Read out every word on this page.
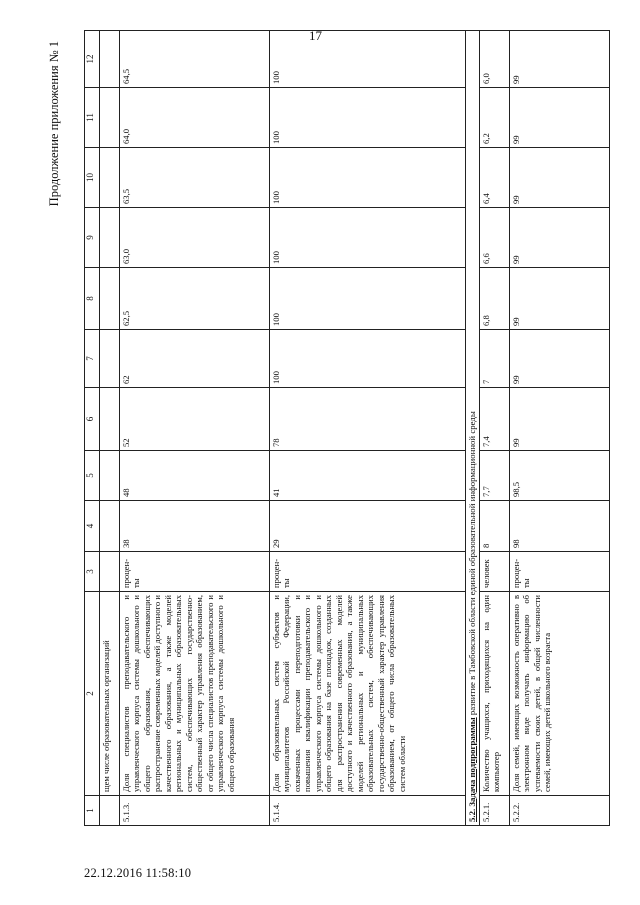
17
Продолжение приложения № 1
1	2	3	4	5	6	7	8	9	10	11	12
	щем числе образовательных организаций										
5.1.3.	Доля специалистов преподавательского и управленческого корпуса системы дошкольного и общего образования, обеспечивающих распространение современных моделей доступного и качественного образования, а также моделей региональных и муниципальных образовательных систем, обеспечивающих государственно-общественный характер управления образованием, от общего числа специалистов преподавательского и управленческого корпуса системы дошкольного и общего образования	процен-ты	38	48	52	62	62,5	63,0	63,5	64,0	64,5
5.1.4.	Доля образовательных систем субъектов и муниципалитетов Российской Федерации, охваченных процессами переподготовки и повышения квалификации преподавательского и управленческого корпуса системы дошкольного и общего образования на базе площадок, созданных для распространения современных моделей доступного и качественного образования, а также моделей региональных и муниципальных образовательных систем, обеспечивающих государственно-общественный характер управления образованием, от общего числа образовательных систем области	процен-ты	29	41	78	100	100	100	100	100	100
5.2. Задача подпрограммы развитие в Тамбовской области единой образовательной информационной среды											
5.2.1.	Количество учащихся, приходящихся на один компьютер	человек	8	7,7	7,4	7	6,8	6,6	6,4	6,2	6,0
5.2.2.	Доля семей, имеющих возможность оперативно в электронном виде получать информацию об успеваемости своих детей, в общей численности семей, имеющих детей школьного возраста	процен-ты	98	98,5	99	99	99	99	99	99	99
22.12.2016 11:58:10
